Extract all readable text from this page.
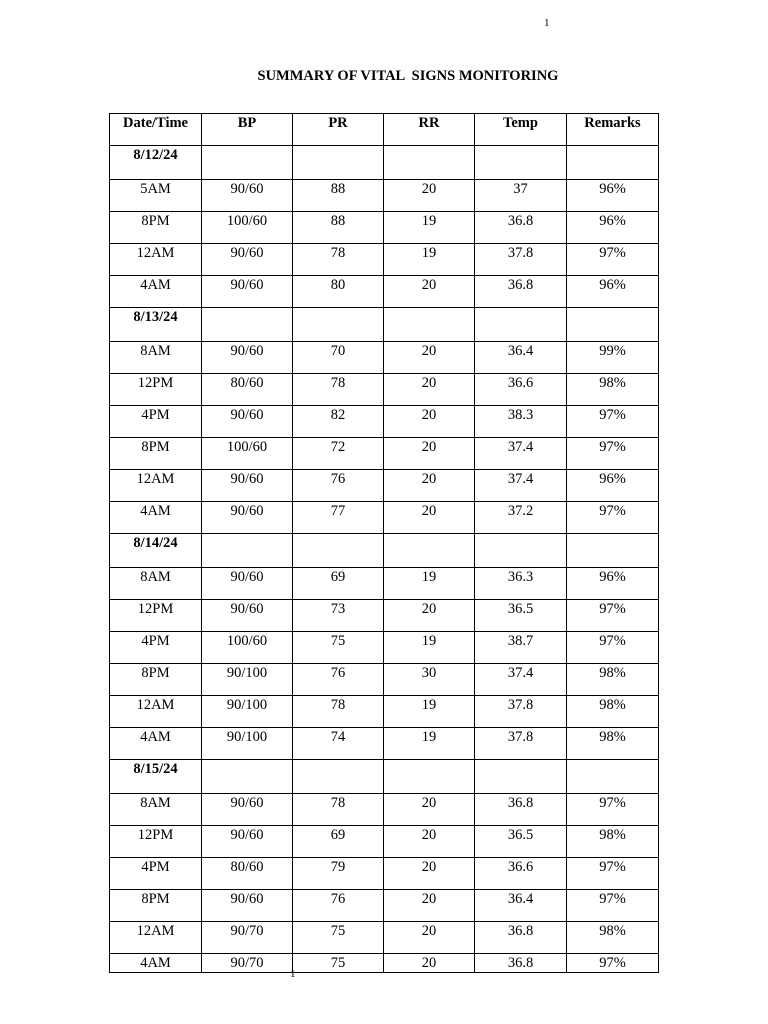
1
SUMMARY OF VITAL  SIGNS MONITORING
Date/Time	BP	PR	RR	Temp	Remarks

8/12/24					

5AM	90/60	88	20	37	96%

8PM	100/60	88	19	36.8	96%

12AM	90/60	78	19	37.8	97%

4AM	90/60	80	20	36.8	96%

8/13/24					

8AM	90/60	70	20	36.4	99%

12PM	80/60	78	20	36.6	98%

4PM	90/60	82	20	38.3	97%

8PM	100/60	72	20	37.4	97%

12AM	90/60	76	20	37.4	96%

4AM	90/60	77	20	37.2	97%

8/14/24					

8AM	90/60	69	19	36.3	96%

12PM	90/60	73	20	36.5	97%

4PM	100/60	75	19	38.7	97%

8PM	90/100	76	30	37.4	98%

12AM	90/100	78	19	37.8	98%

4AM	90/100	74	19	37.8	98%

8/15/24					

8AM	90/60	78	20	36.8	97%

12PM	90/60	69	20	36.5	98%

4PM	80/60	79	20	36.6	97%

8PM	90/60	76	20	36.4	97%

12AM	90/70	75	20	36.8	98%

4AM	90/70	75	20	36.8	97%
1
